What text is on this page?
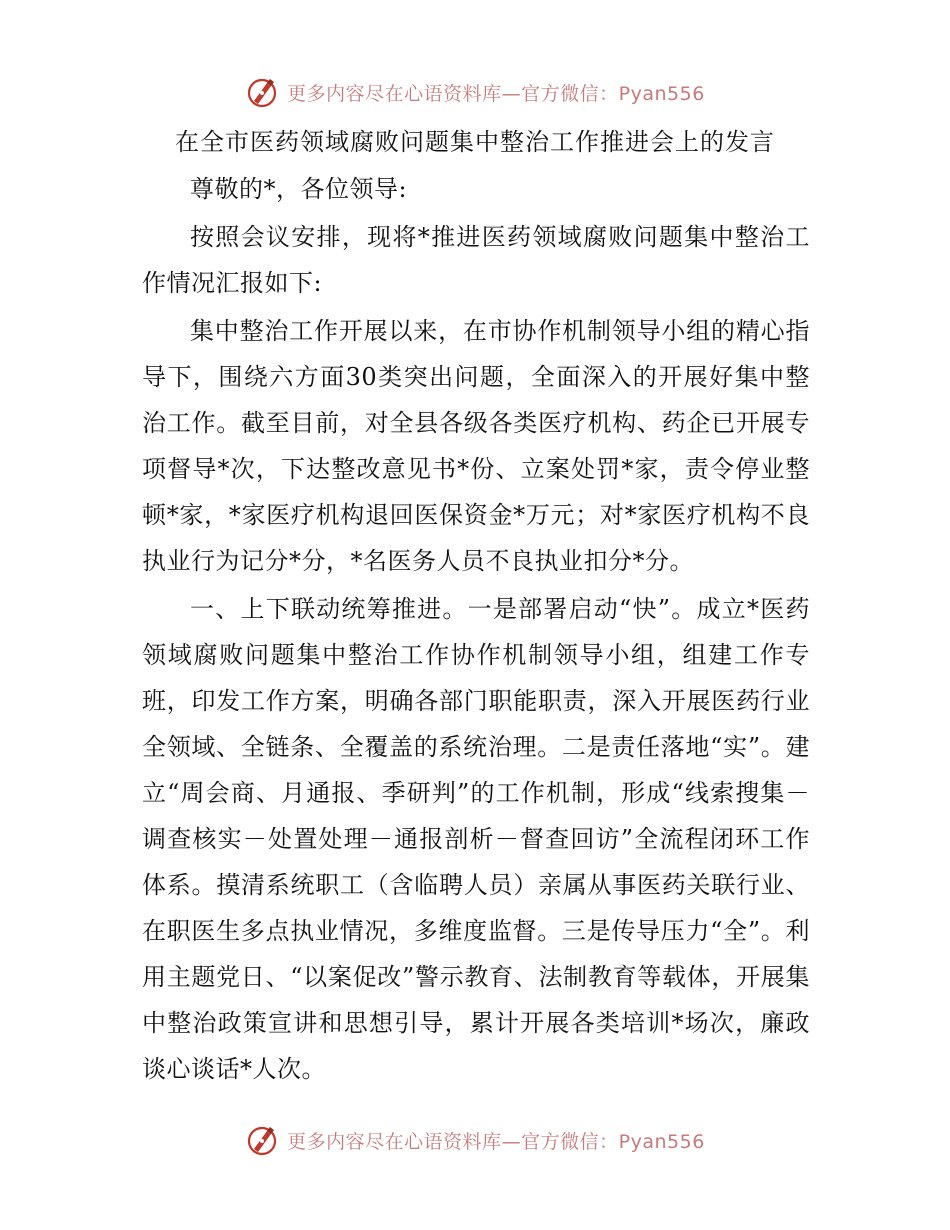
更多内容尽在心语资料库—官方微信：Pyan556
在全市医药领域腐败问题集中整治工作推进会上的发言

尊敬的*，各位领导:

按照会议安排，现将*推进医药领域腐败问题集中整治工作情况汇报如下:

集中整治工作开展以来，在市协作机制领导小组的精心指导下，围绕六方面30类突出问题，全面深入的开展好集中整治工作。截至目前，对全县各级各类医疗机构、药企已开展专项督导*次，下达整改意见书*份、立案处罚*家，责令停业整顿*家，*家医疗机构退回医保资金*万元；对*家医疗机构不良执业行为记分*分，*名医务人员不良执业扣分*分。

一、上下联动统筹推进。一是部署启动“快”。成立*医药领域腐败问题集中整治工作协作机制领导小组，组建工作专班，印发工作方案，明确各部门职能职责，深入开展医药行业全领域、全链条、全覆盖的系统治理。二是责任落地“实”。建立“周会商、月通报、季研判”的工作机制，形成“线索搜集－调查核实－处置处理－通报剖析－督查回访”全流程闭环工作体系。摸清系统职工（含临聘人员）亲属从事医药关联行业、在职医生多点执业情况，多维度监督。三是传导压力“全”。利用主题党日、“以案促改”警示教育、法制教育等载体，开展集中整治政策宣讲和思想引导，累计开展各类培训*场次，廉政谈心谈话*人次。

更多内容尽在心语资料库—官方微信：Pyan556
